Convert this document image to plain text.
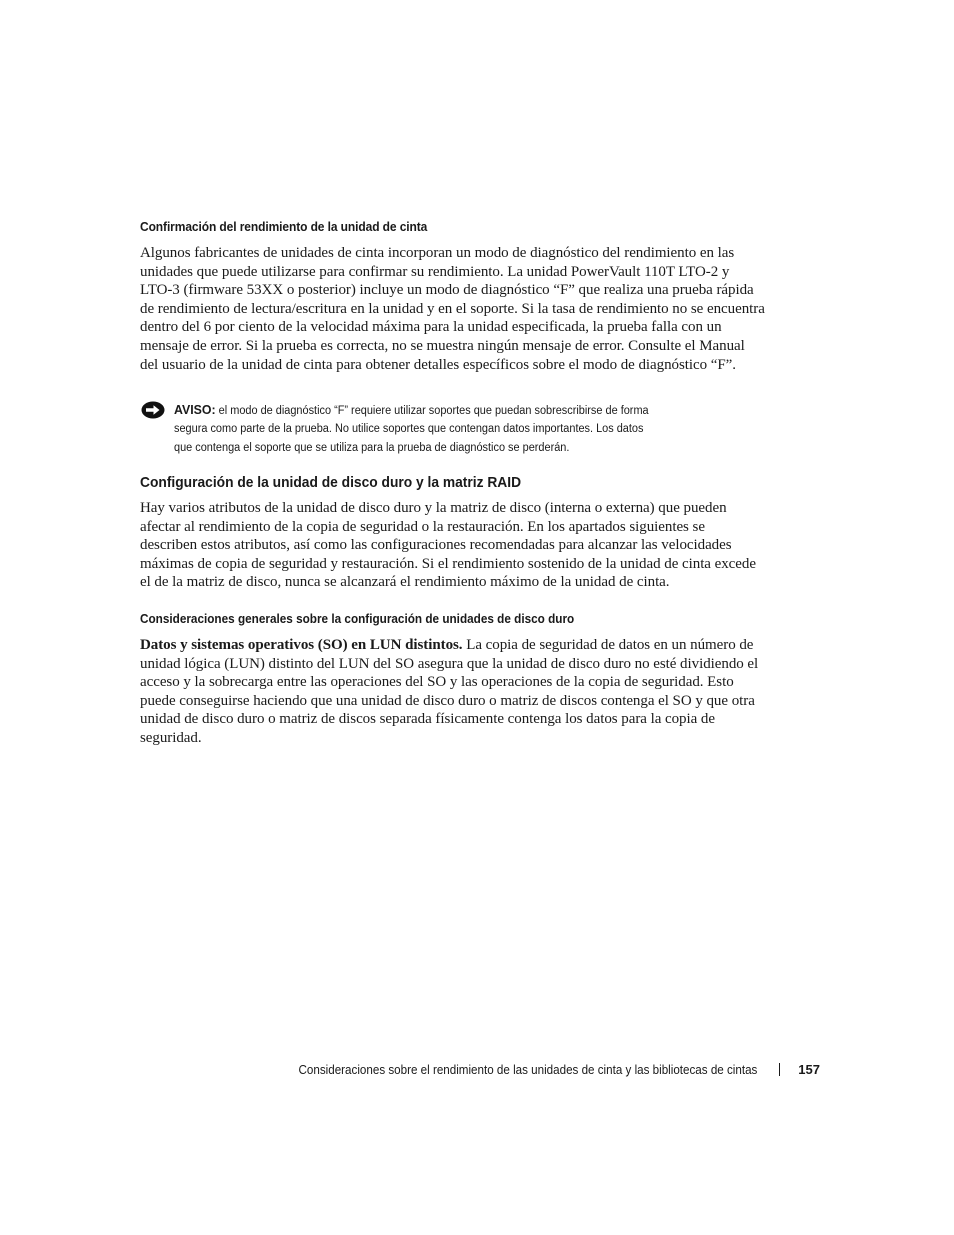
Confirmación del rendimiento de la unidad de cinta

Algunos fabricantes de unidades de cinta incorporan un modo de diagnóstico del rendimiento en las unidades que puede utilizarse para confirmar su rendimiento. La unidad PowerVault 110T LTO-2 y LTO-3 (firmware 53XX o posterior) incluye un modo de diagnóstico “F” que realiza una prueba rápida de rendimiento de lectura/escritura en la unidad y en el soporte. Si la tasa de rendimiento no se encuentra dentro del 6 por ciento de la velocidad máxima para la unidad especificada, la prueba falla con un mensaje de error. Si la prueba es correcta, no se muestra ningún mensaje de error. Consulte el Manual del usuario de la unidad de cinta para obtener detalles específicos sobre el modo de diagnóstico “F”.

AVISO: el modo de diagnóstico “F” requiere utilizar soportes que puedan sobrescribirse de forma
segura como parte de la prueba. No utilice soportes que contengan datos importantes. Los datos
que contenga el soporte que se utiliza para la prueba de diagnóstico se perderán.

Configuración de la unidad de disco duro y la matriz RAID

Hay varios atributos de la unidad de disco duro y la matriz de disco (interna o externa) que pueden afectar al rendimiento de la copia de seguridad o la restauración. En los apartados siguientes se describen estos atributos, así como las configuraciones recomendadas para alcanzar las velocidades máximas de copia de seguridad y restauración. Si el rendimiento sostenido de la unidad de cinta excede el de la matriz de disco, nunca se alcanzará el rendimiento máximo de la unidad de cinta.

Consideraciones generales sobre la configuración de unidades de disco duro

Datos y sistemas operativos (SO) en LUN distintos. La copia de seguridad de datos en un número de unidad lógica (LUN) distinto del LUN del SO asegura que la unidad de disco duro no esté dividiendo el acceso y la sobrecarga entre las operaciones del SO y las operaciones de la copia de seguridad. Esto puede conseguirse haciendo que una unidad de disco duro o matriz de discos contenga el SO y que otra unidad de disco duro o matriz de discos separada físicamente contenga los datos para la copia de seguridad.

Consideraciones sobre el rendimiento de las unidades de cinta y las bibliotecas de cintas	157
